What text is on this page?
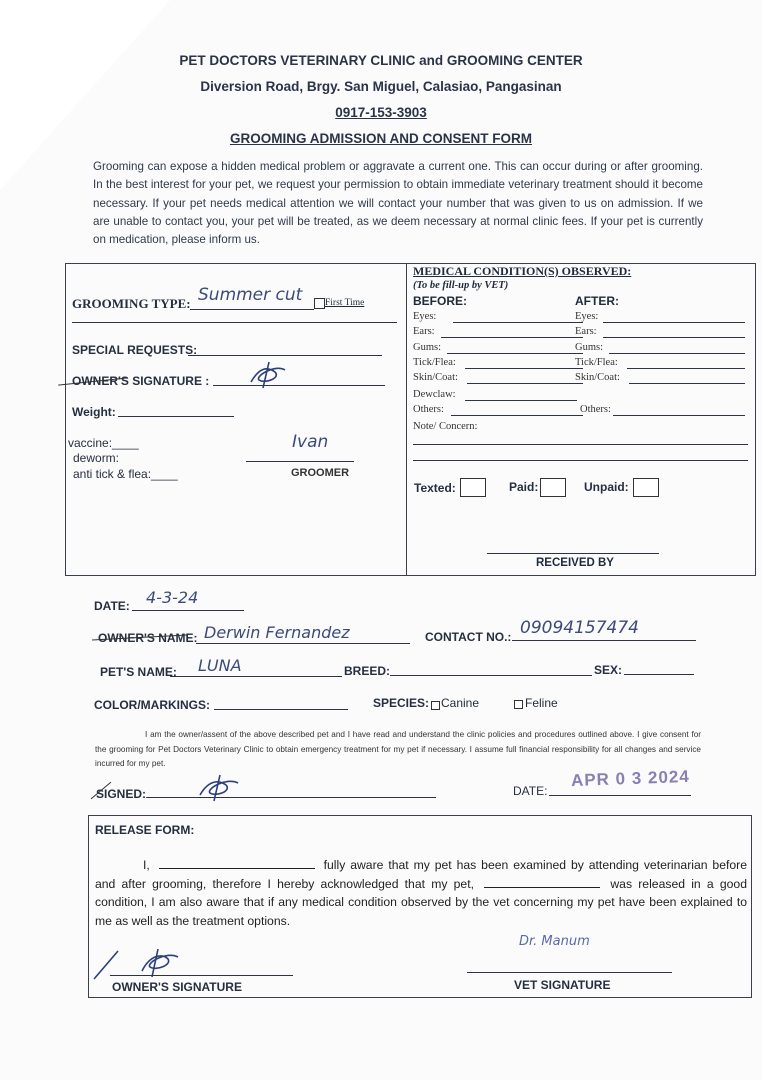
PET DOCTORS VETERINARY CLINIC and GROOMING CENTER
Diversion Road, Brgy. San Miguel, Calasiao, Pangasinan
0917-153-3903
GROOMING ADMISSION AND CONSENT FORM
Grooming can expose a hidden medical problem or aggravate a current one. This can occur during or after grooming. In the best interest for your pet, we request your permission to obtain immediate veterinary treatment should it become necessary. If your pet needs medical attention we will contact your number that was given to us on admission. If we are unable to contact you, your pet will be treated, as we deem necessary at normal clinic fees. If your pet is currently on medication, please inform us.
GROOMING TYPE: Summer cut First Time
SPECIAL REQUESTS:
OWNER'S SIGNATURE :
Weight:
vaccine:____
deworm:
anti tick & flea:____
Ivan
GROOMER
MEDICAL CONDITION(S) OBSERVED:
(To be fill-up by VET)
BEFORE:	AFTER:
Eyes:	Eyes:
Ears:	Ears:
Gums:	Gums:
Tick/Flea:	Tick/Flea:
Skin/Coat:	Skin/Coat:
Dewclaw:
Others:	Others:
Note/ Concern:
Texted:	Paid:	Unpaid:
RECEIVED BY
DATE: 4-3-24
OWNER'S NAME: Derwin Fernandez	CONTACT NO.: 09094157474
PET'S NAME: LUNA	BREED:	SEX:
COLOR/MARKINGS:	SPECIES: Canine	Feline
I am the owner/assent of the above described pet and I have read and understand the clinic policies and procedures outlined above. I give consent for the grooming for Pet Doctors Veterinary Clinic to obtain emergency treatment for my pet if necessary. I assume full financial responsibility for all changes and service incurred for my pet.
SIGNED:	DATE:
APR 0 3 2024
RELEASE FORM:
I,	fully aware that my pet has been examined by attending veterinarian before and after grooming, therefore I hereby acknowledged that my pet,	was released in a good condition, I am also aware that if any medical condition observed by the vet concerning my pet have been explained to me as well as the treatment options.
Dr. Manum
OWNER'S SIGNATURE	VET SIGNATURE
